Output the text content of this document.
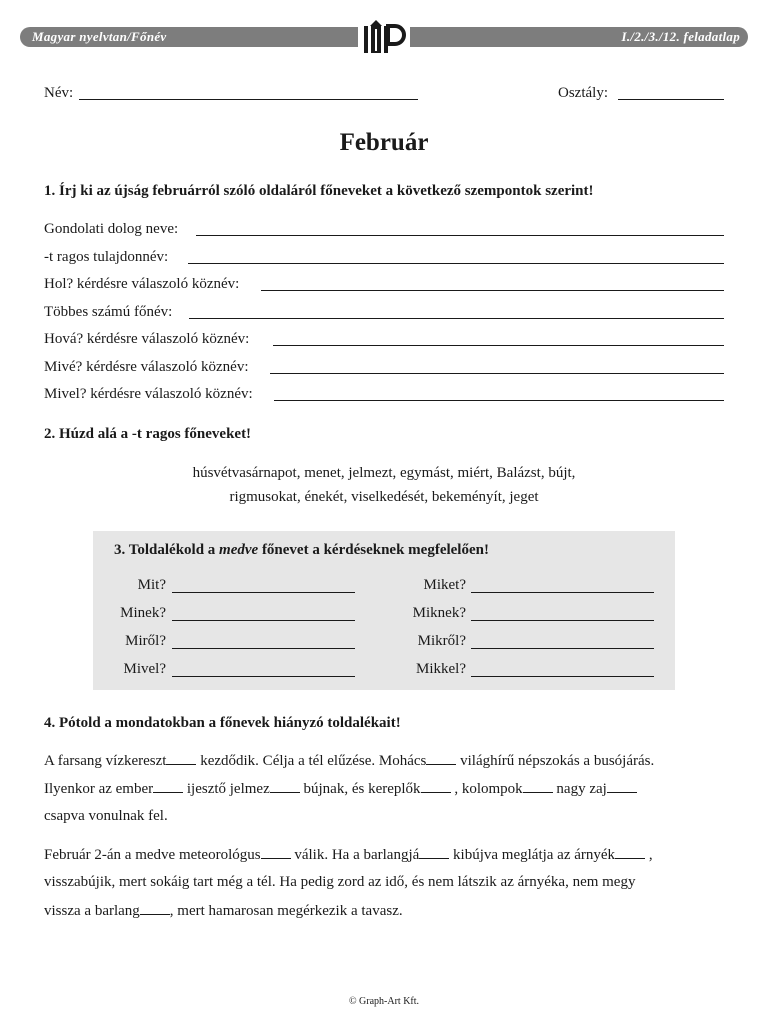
Magyar nyelvtan/Főnév	I./2./3./12. feladatlap
Név:	Osztály:
Február
1. Írj ki az újság februárról szóló oldaláról főneveket a következő szempontok szerint!
Gondolati dolog neve:
-t ragos tulajdonnév:
Hol? kérdésre válaszoló köznév:
Többes számú főnév:
Hová? kérdésre válaszoló köznév:
Mivé? kérdésre válaszoló köznév:
Mivel? kérdésre válaszoló köznév:
2. Húzd alá a -t ragos főneveket!
húsvétvasárnapot, menet, jelmezt, egymást, miért, Balázst, bújt,
rigmusokat, énekét, viselkedését, bekeményít, jeget
3. Toldalékold a medve főnevet a kérdéseknek megfelelően!
Mit?	Miket?
Minek?	Miknek?
Miről?	Mikről?
Mivel?	Mikkel?
4. Pótold a mondatokban a főnevek hiányzó toldalékait!
A farsang vízkereszt kezdődik. Célja a tél elűzése. Mohács világhírű népszokás a busójárás.
Ilyenkor az ember ijesztő jelmez bújnak, és kereplők , kolompok nagy zaj
csapva vonulnak fel.
Február 2-án a medve meteorológus válik. Ha a barlangjá kibújva meglátja az árnyék ,
visszabújik, mert sokáig tart még a tél. Ha pedig zord az idő, és nem látszik az árnyéka, nem megy
vissza a barlang , mert hamarosan megérkezik a tavasz.
© Graph-Art Kft.
